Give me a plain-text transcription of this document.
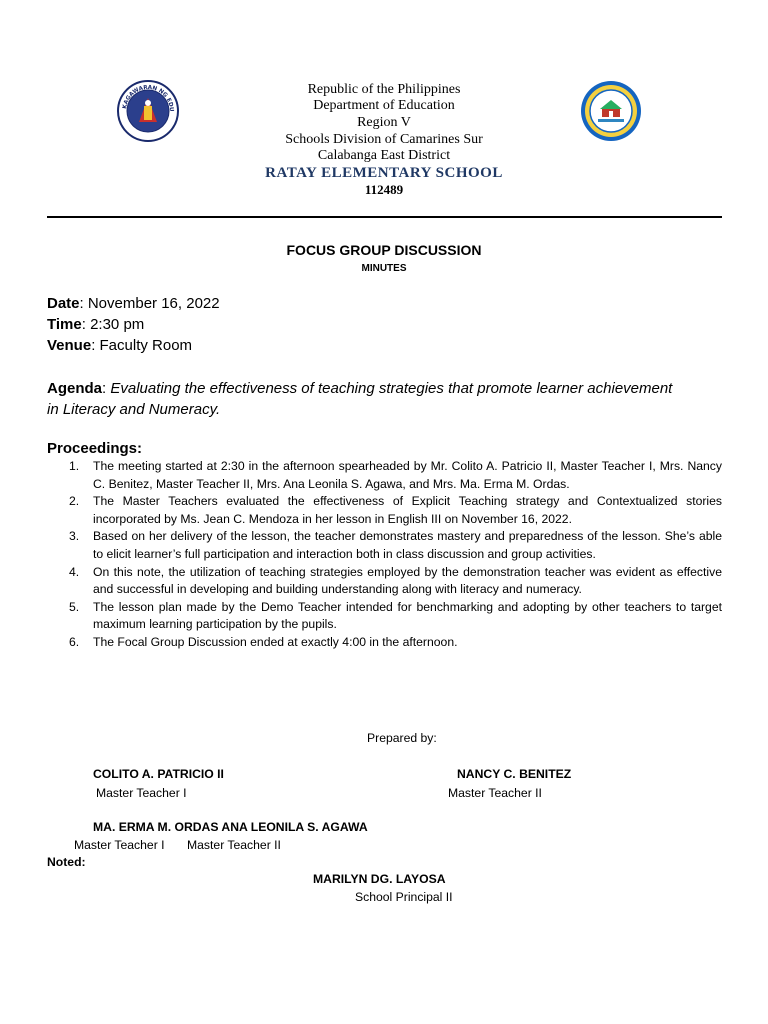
KAGAWARAN NG EDU
Republic of the Philippines
Department of Education
Region V
Schools Division of Camarines Sur
Calabanga East District
RATAY ELEMENTARY SCHOOL
112489
FOCUS GROUP DISCUSSION
MINUTES
Date: November 16, 2022
Time: 2:30 pm
Venue: Faculty Room
Agenda: Evaluating the effectiveness of teaching strategies that promote learner achievement in Literacy and Numeracy.
Proceedings:
1. The meeting started at 2:30 in the afternoon spearheaded by Mr. Colito A. Patricio II, Master Teacher I, Mrs. Nancy C. Benitez, Master Teacher II, Mrs. Ana Leonila S. Agawa, and Mrs. Ma. Erma M. Ordas.
2. The Master Teachers evaluated the effectiveness of Explicit Teaching strategy and Contextualized stories incorporated by Ms. Jean C. Mendoza in her lesson in English III on November 16, 2022.
3. Based on her delivery of the lesson, the teacher demonstrates mastery and preparedness of the lesson. She’s able to elicit learner’s full participation and interaction both in class discussion and group activities.
4. On this note, the utilization of teaching strategies employed by the demonstration teacher was evident as effective and successful in developing and building understanding along with literacy and numeracy.
5. The lesson plan made by the Demo Teacher intended for benchmarking and adopting by other teachers to target maximum learning participation by the pupils.
6. The Focal Group Discussion ended at exactly 4:00 in the afternoon.
Prepared by:
COLITO A. PATRICIO II
Master Teacher I
NANCY C. BENITEZ
Master Teacher II
MA. ERMA M. ORDAS ANA LEONILA S. AGAWA
Master Teacher I Master Teacher II
Noted:
MARILYN DG. LAYOSA
School Principal II
